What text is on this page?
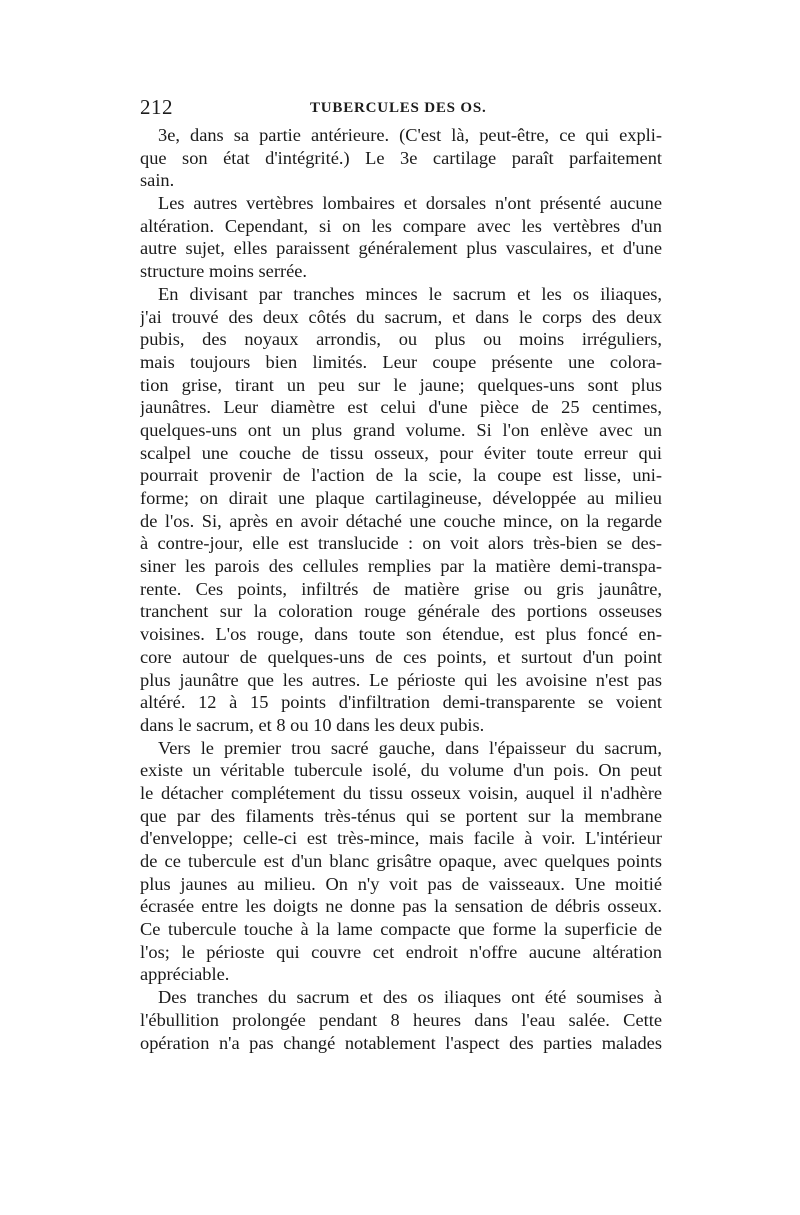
212	TUBERCULES DES OS.
3e, dans sa partie antérieure. (C'est là, peut-être, ce qui expli-
que son état d'intégrité.) Le 3e cartilage paraît parfaitement
sain.
Les autres vertèbres lombaires et dorsales n'ont présenté aucune
altération. Cependant, si on les compare avec les vertèbres d'un
autre sujet, elles paraissent généralement plus vasculaires, et d'une
structure moins serrée.
En divisant par tranches minces le sacrum et les os iliaques,
j'ai trouvé des deux côtés du sacrum, et dans le corps des deux
pubis, des noyaux arrondis, ou plus ou moins irréguliers,
mais toujours bien limités. Leur coupe présente une colora-
tion grise, tirant un peu sur le jaune; quelques-uns sont plus
jaunâtres. Leur diamètre est celui d'une pièce de 25 centimes,
quelques-uns ont un plus grand volume. Si l'on enlève avec un
scalpel une couche de tissu osseux, pour éviter toute erreur qui
pourrait provenir de l'action de la scie, la coupe est lisse, uni-
forme; on dirait une plaque cartilagineuse, développée au milieu
de l'os. Si, après en avoir détaché une couche mince, on la regarde
à contre-jour, elle est translucide : on voit alors très-bien se des-
siner les parois des cellules remplies par la matière demi-transpa-
rente. Ces points, infiltrés de matière grise ou gris jaunâtre,
tranchent sur la coloration rouge générale des portions osseuses
voisines. L'os rouge, dans toute son étendue, est plus foncé en-
core autour de quelques-uns de ces points, et surtout d'un point
plus jaunâtre que les autres. Le périoste qui les avoisine n'est pas
altéré. 12 à 15 points d'infiltration demi-transparente se voient
dans le sacrum, et 8 ou 10 dans les deux pubis.
Vers le premier trou sacré gauche, dans l'épaisseur du sacrum,
existe un véritable tubercule isolé, du volume d'un pois. On peut
le détacher complétement du tissu osseux voisin, auquel il n'adhère
que par des filaments très-ténus qui se portent sur la membrane
d'enveloppe; celle-ci est très-mince, mais facile à voir. L'intérieur
de ce tubercule est d'un blanc grisâtre opaque, avec quelques points
plus jaunes au milieu. On n'y voit pas de vaisseaux. Une moitié
écrasée entre les doigts ne donne pas la sensation de débris osseux.
Ce tubercule touche à la lame compacte que forme la superficie de
l'os; le périoste qui couvre cet endroit n'offre aucune altération
appréciable.
Des tranches du sacrum et des os iliaques ont été soumises à
l'ébullition prolongée pendant 8 heures dans l'eau salée. Cette
opération n'a pas changé notablement l'aspect des parties malades
